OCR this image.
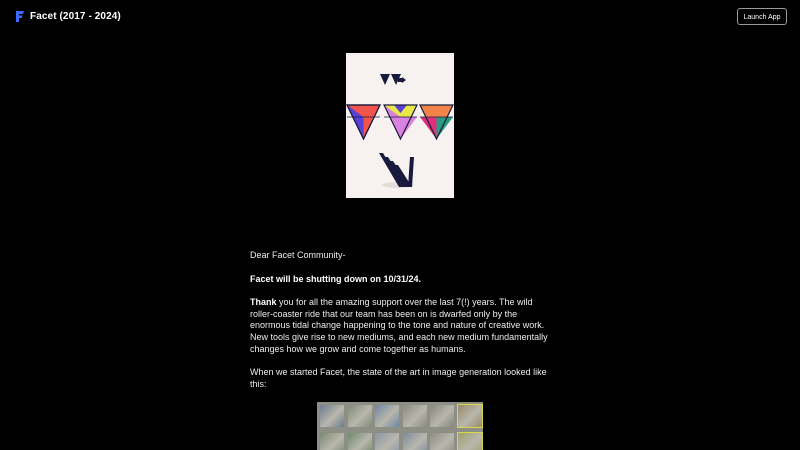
Facet (2017 - 2024)	Launch App

Dear Facet Community-

Facet will be shutting down on 10/31/24.

Thank you for all the amazing support over the last 7(!) years. The wild roller-coaster ride that our team has been on is dwarfed only by the enormous tidal change happening to the tone and nature of creative work. New tools give rise to new mediums, and each new medium fundamentally changes how we grow and come together as humans.

When we started Facet, the state of the art in image generation looked like this:
